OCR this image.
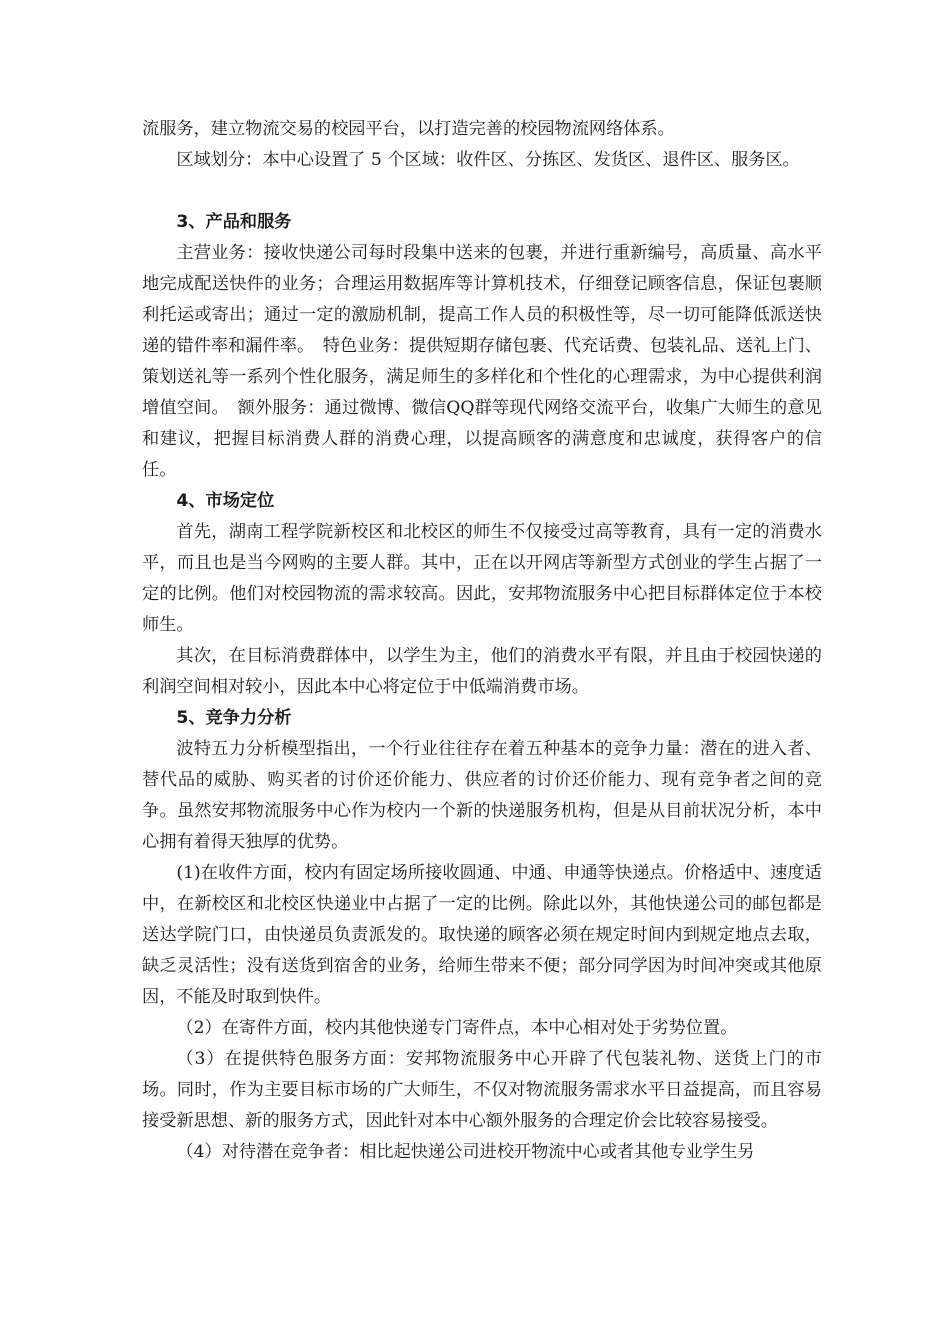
流服务，建立物流交易的校园平台，以打造完善的校园物流网络体系。

区域划分：本中心设置了 5 个区域：收件区、分拣区、发货区、退件区、服务区。

3、产品和服务

主营业务：接收快递公司每时段集中送来的包裹，并进行重新编号，高质量、高水平地完成配送快件的业务；合理运用数据库等计算机技术，仔细登记顾客信息，保证包裹顺利托运或寄出；通过一定的激励机制，提高工作人员的积极性等，尽一切可能降低派送快递的错件率和漏件率。　特色业务：提供短期存储包裹、代充话费、包装礼品、送礼上门、策划送礼等一系列个性化服务，满足师生的多样化和个性化的心理需求，为中心提供利润增值空间。　额外服务：通过微博、微信QQ群等现代网络交流平台，收集广大师生的意见和建议，把握目标消费人群的消费心理，以提高顾客的满意度和忠诚度，获得客户的信任。

4、市场定位

首先，湖南工程学院新校区和北校区的师生不仅接受过高等教育，具有一定的消费水平，而且也是当今网购的主要人群。其中，正在以开网店等新型方式创业的学生占据了一定的比例。他们对校园物流的需求较高。因此，安邦物流服务中心把目标群体定位于本校师生。

其次，在目标消费群体中，以学生为主，他们的消费水平有限，并且由于校园快递的利润空间相对较小，因此本中心将定位于中低端消费市场。

5、竞争力分析

波特五力分析模型指出，一个行业往往存在着五种基本的竞争力量：潜在的进入者、替代品的威胁、购买者的讨价还价能力、供应者的讨价还价能力、现有竞争者之间的竞争。虽然安邦物流服务中心作为校内一个新的快递服务机构，但是从目前状况分析，本中心拥有着得天独厚的优势。

(1)在收件方面，校内有固定场所接收圆通、中通、申通等快递点。价格适中、速度适中，在新校区和北校区快递业中占据了一定的比例。除此以外，其他快递公司的邮包都是送达学院门口，由快递员负责派发的。取快递的顾客必须在规定时间内到规定地点去取，缺乏灵活性；没有送货到宿舍的业务，给师生带来不便；部分同学因为时间冲突或其他原因，不能及时取到快件。

（2）在寄件方面，校内其他快递专门寄件点，本中心相对处于劣势位置。

（3）在提供特色服务方面：安邦物流服务中心开辟了代包装礼物、送货上门的市场。同时，作为主要目标市场的广大师生，不仅对物流服务需求水平日益提高，而且容易接受新思想、新的服务方式，因此针对本中心额外服务的合理定价会比较容易接受。

（4）对待潜在竞争者：相比起快递公司进校开物流中心或者其他专业学生另
